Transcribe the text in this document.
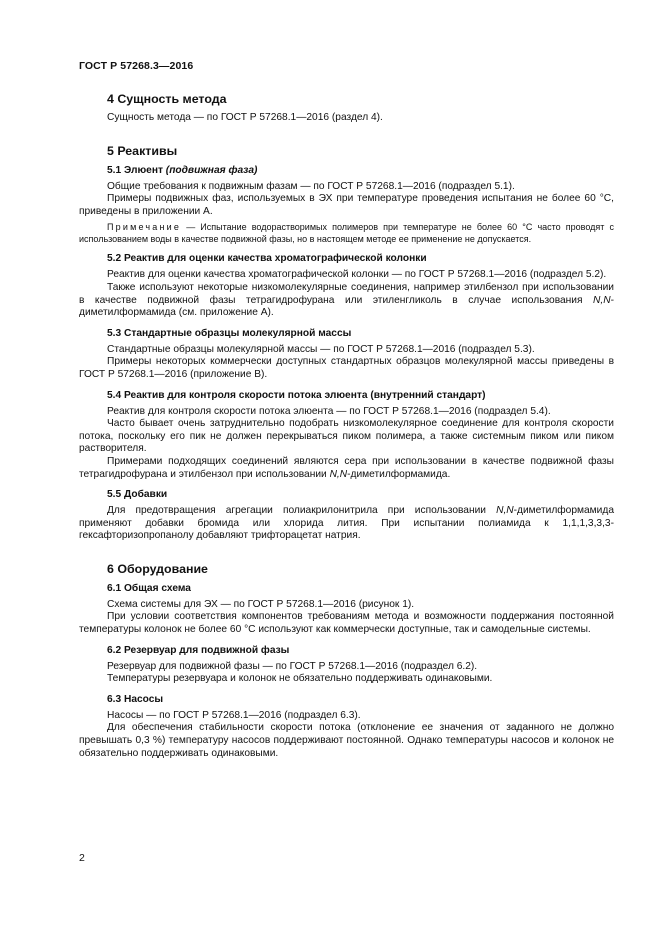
ГОСТ Р 57268.3—2016
4 Сущность метода

Сущность метода — по ГОСТ Р 57268.1—2016 (раздел 4).

5 Реактивы
5.1 Элюент (подвижная фаза)

Общие требования к подвижным фазам — по ГОСТ Р 57268.1—2016 (подраздел 5.1).

Примеры подвижных фаз, используемых в ЭХ при температуре проведения испытания не более 60 °С, приведены в приложении А.

Примечание — Испытание водорастворимых полимеров при температуре не более 60 °С часто проводят с использованием воды в качестве подвижной фазы, но в настоящем методе ее применение не допускается.

5.2 Реактив для оценки качества хроматографической колонки

Реактив для оценки качества хроматографической колонки — по ГОСТ Р 57268.1—2016 (подраздел 5.2).

Также используют некоторые низкомолекулярные соединения, например этилбензол при использовании в качестве подвижной фазы тетрагидрофурана или этиленгликоль в случае использования N,N-диметилформамида (см. приложение А).

5.3 Стандартные образцы молекулярной массы

Стандартные образцы молекулярной массы — по ГОСТ Р 57268.1—2016 (подраздел 5.3).

Примеры некоторых коммерчески доступных стандартных образцов молекулярной массы приведены в ГОСТ Р 57268.1—2016 (приложение В).

5.4 Реактив для контроля скорости потока элюента (внутренний стандарт)

Реактив для контроля скорости потока элюента — по ГОСТ Р 57268.1—2016 (подраздел 5.4).

Часто бывает очень затруднительно подобрать низкомолекулярное соединение для контроля скорости потока, поскольку его пик не должен перекрываться пиком полимера, а также системным пиком или пиком растворителя.

Примерами подходящих соединений являются сера при использовании в качестве подвижной фазы тетрагидрофурана и этилбензол при использовании N,N-диметилформамида.

5.5 Добавки

Для предотвращения агрегации полиакрилонитрила при использовании N,N-диметилформамида применяют добавки бромида или хлорида лития. При испытании полиамида к 1,1,1,3,3,3-гексафторизопропанолу добавляют трифторацетат натрия.

6 Оборудование
6.1 Общая схема

Схема системы для ЭХ — по ГОСТ Р 57268.1—2016 (рисунок 1).

При условии соответствия компонентов требованиям метода и возможности поддержания постоянной температуры колонок не более 60 °С используют как коммерчески доступные, так и самодельные системы.

6.2 Резервуар для подвижной фазы

Резервуар для подвижной фазы — по ГОСТ Р 57268.1—2016 (подраздел 6.2).

Температуры резервуара и колонок не обязательно поддерживать одинаковыми.

6.3 Насосы

Насосы — по ГОСТ Р 57268.1—2016 (подраздел 6.3).

Для обеспечения стабильности скорости потока (отклонение ее значения от заданного не должно превышать 0,3 %) температуру насосов поддерживают постоянной. Однако температуры насосов и колонок не обязательно поддерживать одинаковыми.

2
